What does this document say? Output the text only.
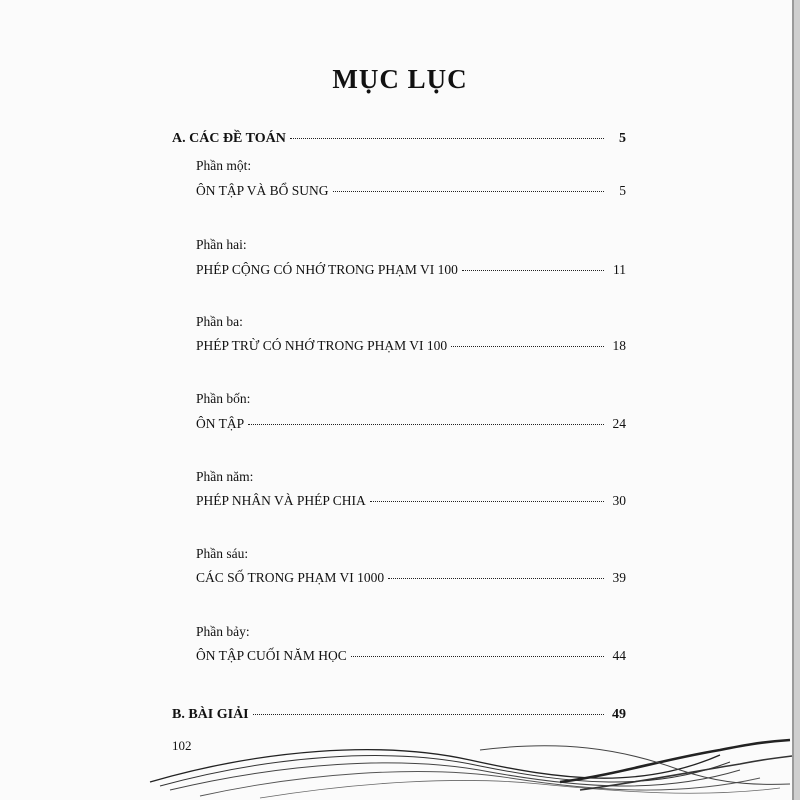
MỤC LỤC
A. CÁC ĐỀ TOÁN	5
Phần một:
ÔN TẬP VÀ BỔ SUNG	5
Phần hai:
PHÉP CỘNG CÓ NHỚ TRONG PHẠM VI 100	11
Phần ba:
PHÉP TRỪ CÓ NHỚ TRONG PHẠM VI 100	18
Phần bốn:
ÔN TẬP	24
Phần năm:
PHÉP NHÂN VÀ PHÉP CHIA	30
Phần sáu:
CÁC SỐ TRONG PHẠM VI 1000	39
Phần bảy:
ÔN TẬP CUỐI NĂM HỌC	44
B. BÀI GIẢI	49
102
